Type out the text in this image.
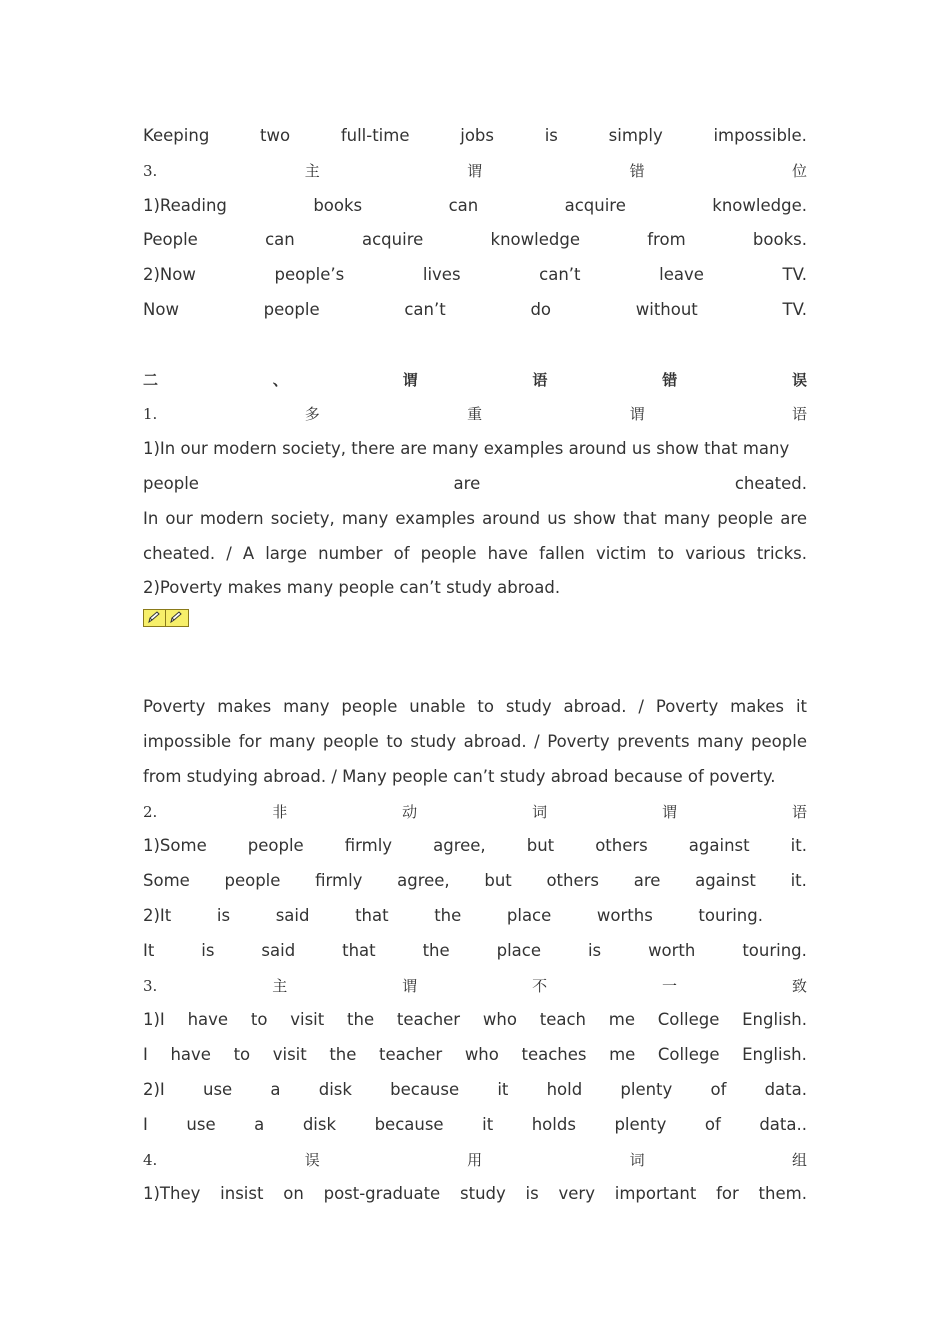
Keeping	two	full-time	jobs	is	simply	impossible.
3.	主	谓	错	位
1)Reading	books	can	acquire	knowledge.
People	can	acquire	knowledge	from	books.
2)Now	people’s	lives	can’t	leave	TV.
Now	people	can’t	do	without	TV.
二	、	谓	语	错	误
1.	多	重	谓	语
1)In our modern society, there are many examples around us show that many
people	are	cheated.
In our modern society, many examples around us show that many people are cheated. / A large number of people have fallen victim to various tricks.
2)Poverty makes many people can’t study abroad.
Poverty makes many people unable to study abroad. / Poverty makes it impossible for many people to study abroad. / Poverty prevents many people from studying abroad. / Many people can’t study abroad because of poverty.
2.	非	动	词	谓	语
1)Some people firmly agree, but others against it.
Some people firmly agree, but others are against it.
2)It	is	said	that	the	place	worths	touring.
It	is	said	that	the	place	is	worth	touring.
3.	主	谓	不	一	致
1)I have to visit the teacher who teach me College English.
I have to visit the teacher who teaches me College English.
2)I use a disk because it hold plenty of data.
I use a disk because it holds plenty of data..
4.	误	用	词	组
1)They insist on post-graduate study is very important for them.
